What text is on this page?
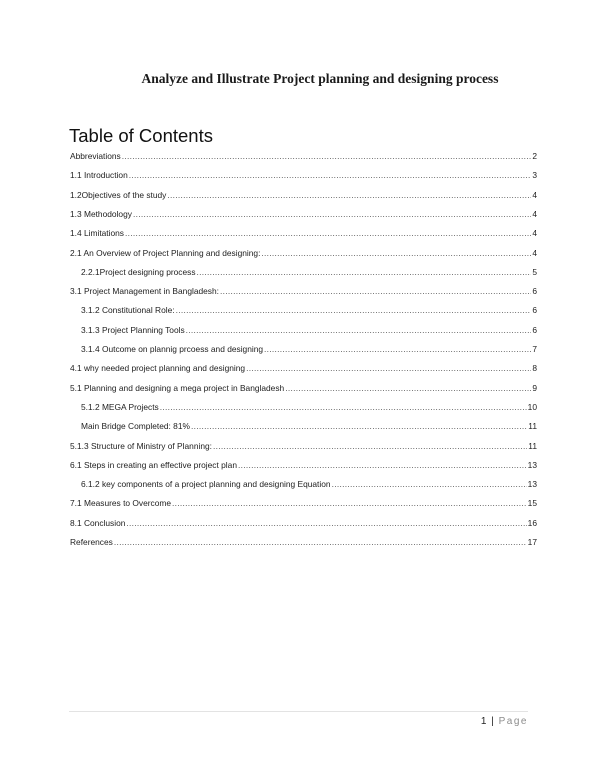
Analyze and Illustrate Project planning and designing process
Table of Contents
Abbreviations .....	2
1.1 Introduction .....	3
1.2Objectives of the study .....	4
1.3 Methodology .....	4
1.4 Limitations .....	4
2.1 An Overview of Project Planning and designing: .....	4
2.2.1Project designing process .....	5
3.1 Project Management in Bangladesh: .....	6
3.1.2 Constitutional Role: .....	6
3.1.3 Project Planning Tools .....	6
3.1.4 Outcome on plannig prcoess and designing .....	7
4.1 why needed project planning and designing .....	8
5.1 Planning and designing a mega project in Bangladesh .....	9
5.1.2 MEGA Projects .....	10
Main Bridge Completed: 81% .....	11
5.1.3 Structure of Ministry of Planning: .....	11
6.1 Steps in creating an effective project plan .....	13
6.1.2 key components of a project planning and designing Equation .....	13
7.1 Measures to Overcome .....	15
8.1 Conclusion .....	16
References .....	17
1 | Page
